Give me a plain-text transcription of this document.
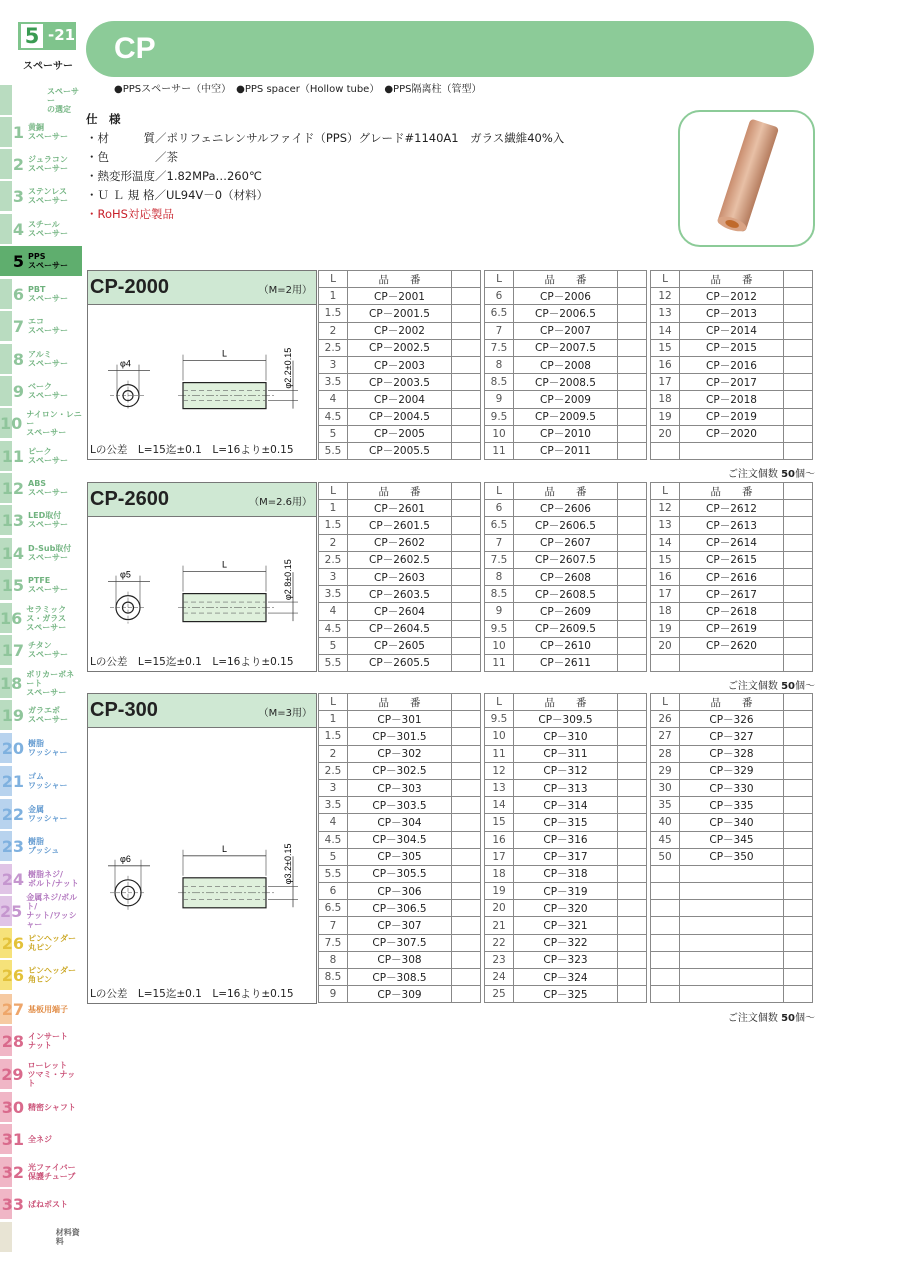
5 -21
スペーサー
スペーサー
の選定
1 黄銅
スペーサー
2 ジュラコン
スペーサー
3 ステンレス
スペーサー
4 スチール
スペーサー
5 PPS
スペーサー
6 PBT
スペーサー
7 エコ
スペーサー
8 アルミ
スペーサー
9 ベーク
スペーサー
10 ナイロン・レニー
スペーサー
11 ピーク
スペーサー
12 ABS
スペーサー
13 LED取付
スペーサー
14 D-Sub取付
スペーサー
15 PTFE
スペーサー
16 セラミックス・ガラス
スペーサー
17 チタン
スペーサー
18 ポリカーボネート
スペーサー
19 ガラエポ
スペーサー
20 樹脂
ワッシャー
21 ゴム
ワッシャー
22 金属
ワッシャー
23 樹脂
ブッシュ
24 樹脂ネジ/
ボルト/ナット
25
金属ネジ/ボルト/
ナット/ワッシャー
26 ピンヘッダー
丸ピン
26 ピンヘッダー
角ピン
27 基板用端子
28 インサート
ナット
29 ローレット
ツマミ・ナット
30 精密シャフト
31 全ネジ
32 光ファイバー
保護チューブ
33 ばねポスト
材料資料
CP
●PPSスペーサー（中空）　●PPS spacer（Hollow tube）　●PPS隔离柱（管型）
仕　様
・材　　　質／ポリフェニレンサルファイド（PPS）グレード#1140A1　ガラス繊維40%入
・色　　　　／茶
・熱変形温度／1.82MPa…260℃
・Ｕ Ｌ 規 格／UL94V－0（材料）
・RoHS対応製品
CP-2000	（M=2用）
φ4
L	φ2.2±0.15
Lの公差　L=15迄±0.1　L=16より±0.15
L	品　　番	
1	CP－2001	
1.5	CP－2001.5	
2	CP－2002	
2.5	CP－2002.5	
3	CP－2003	
3.5	CP－2003.5	
4	CP－2004	
4.5	CP－2004.5	
5	CP－2005	
5.5	CP－2005.5	
L	品　　番	
6	CP－2006	
6.5	CP－2006.5	
7	CP－2007	
7.5	CP－2007.5	
8	CP－2008	
8.5	CP－2008.5	
9	CP－2009	
9.5	CP－2009.5	
10	CP－2010	
11	CP－2011	
L	品　　番	
12	CP－2012	
13	CP－2013	
14	CP－2014	
15	CP－2015	
16	CP－2016	
17	CP－2017	
18	CP－2018	
19	CP－2019	
20	CP－2020	

ご注文個数 50個～
CP-2600	（M=2.6用）
φ5
L	φ2.8±0.15
Lの公差　L=15迄±0.1　L=16より±0.15
L	品　　番	
1	CP－2601	
1.5	CP－2601.5	
2	CP－2602	
2.5	CP－2602.5	
3	CP－2603	
3.5	CP－2603.5	
4	CP－2604	
4.5	CP－2604.5	
5	CP－2605	
5.5	CP－2605.5	
L	品　　番	
6	CP－2606	
6.5	CP－2606.5	
7	CP－2607	
7.5	CP－2607.5	
8	CP－2608	
8.5	CP－2608.5	
9	CP－2609	
9.5	CP－2609.5	
10	CP－2610	
11	CP－2611	
L	品　　番	
12	CP－2612	
13	CP－2613	
14	CP－2614	
15	CP－2615	
16	CP－2616	
17	CP－2617	
18	CP－2618	
19	CP－2619	
20	CP－2620	

ご注文個数 50個～
CP-300	（M=3用）
φ6
L	φ3.2±0.15
Lの公差　L=15迄±0.1　L=16より±0.15
L	品　　番	
1	CP－301	
1.5	CP－301.5	
2	CP－302	
2.5	CP－302.5	
3	CP－303	
3.5	CP－303.5	
4	CP－304	
4.5	CP－304.5	
5	CP－305	
5.5	CP－305.5	
6	CP－306	
6.5	CP－306.5	
7	CP－307	
7.5	CP－307.5	
8	CP－308	
8.5	CP－308.5	
9	CP－309	
L	品　　番	
9.5	CP－309.5	
10	CP－310	
11	CP－311	
12	CP－312	
13	CP－313	
14	CP－314	
15	CP－315	
16	CP－316	
17	CP－317	
18	CP－318	
19	CP－319	
20	CP－320	
21	CP－321	
22	CP－322	
23	CP－323	
24	CP－324	
25	CP－325	
L	品　　番	
26	CP－326	
27	CP－327	
28	CP－328	
29	CP－329	
30	CP－330	
35	CP－335	
40	CP－340	
45	CP－345	
50	CP－350	

ご注文個数 50個～
